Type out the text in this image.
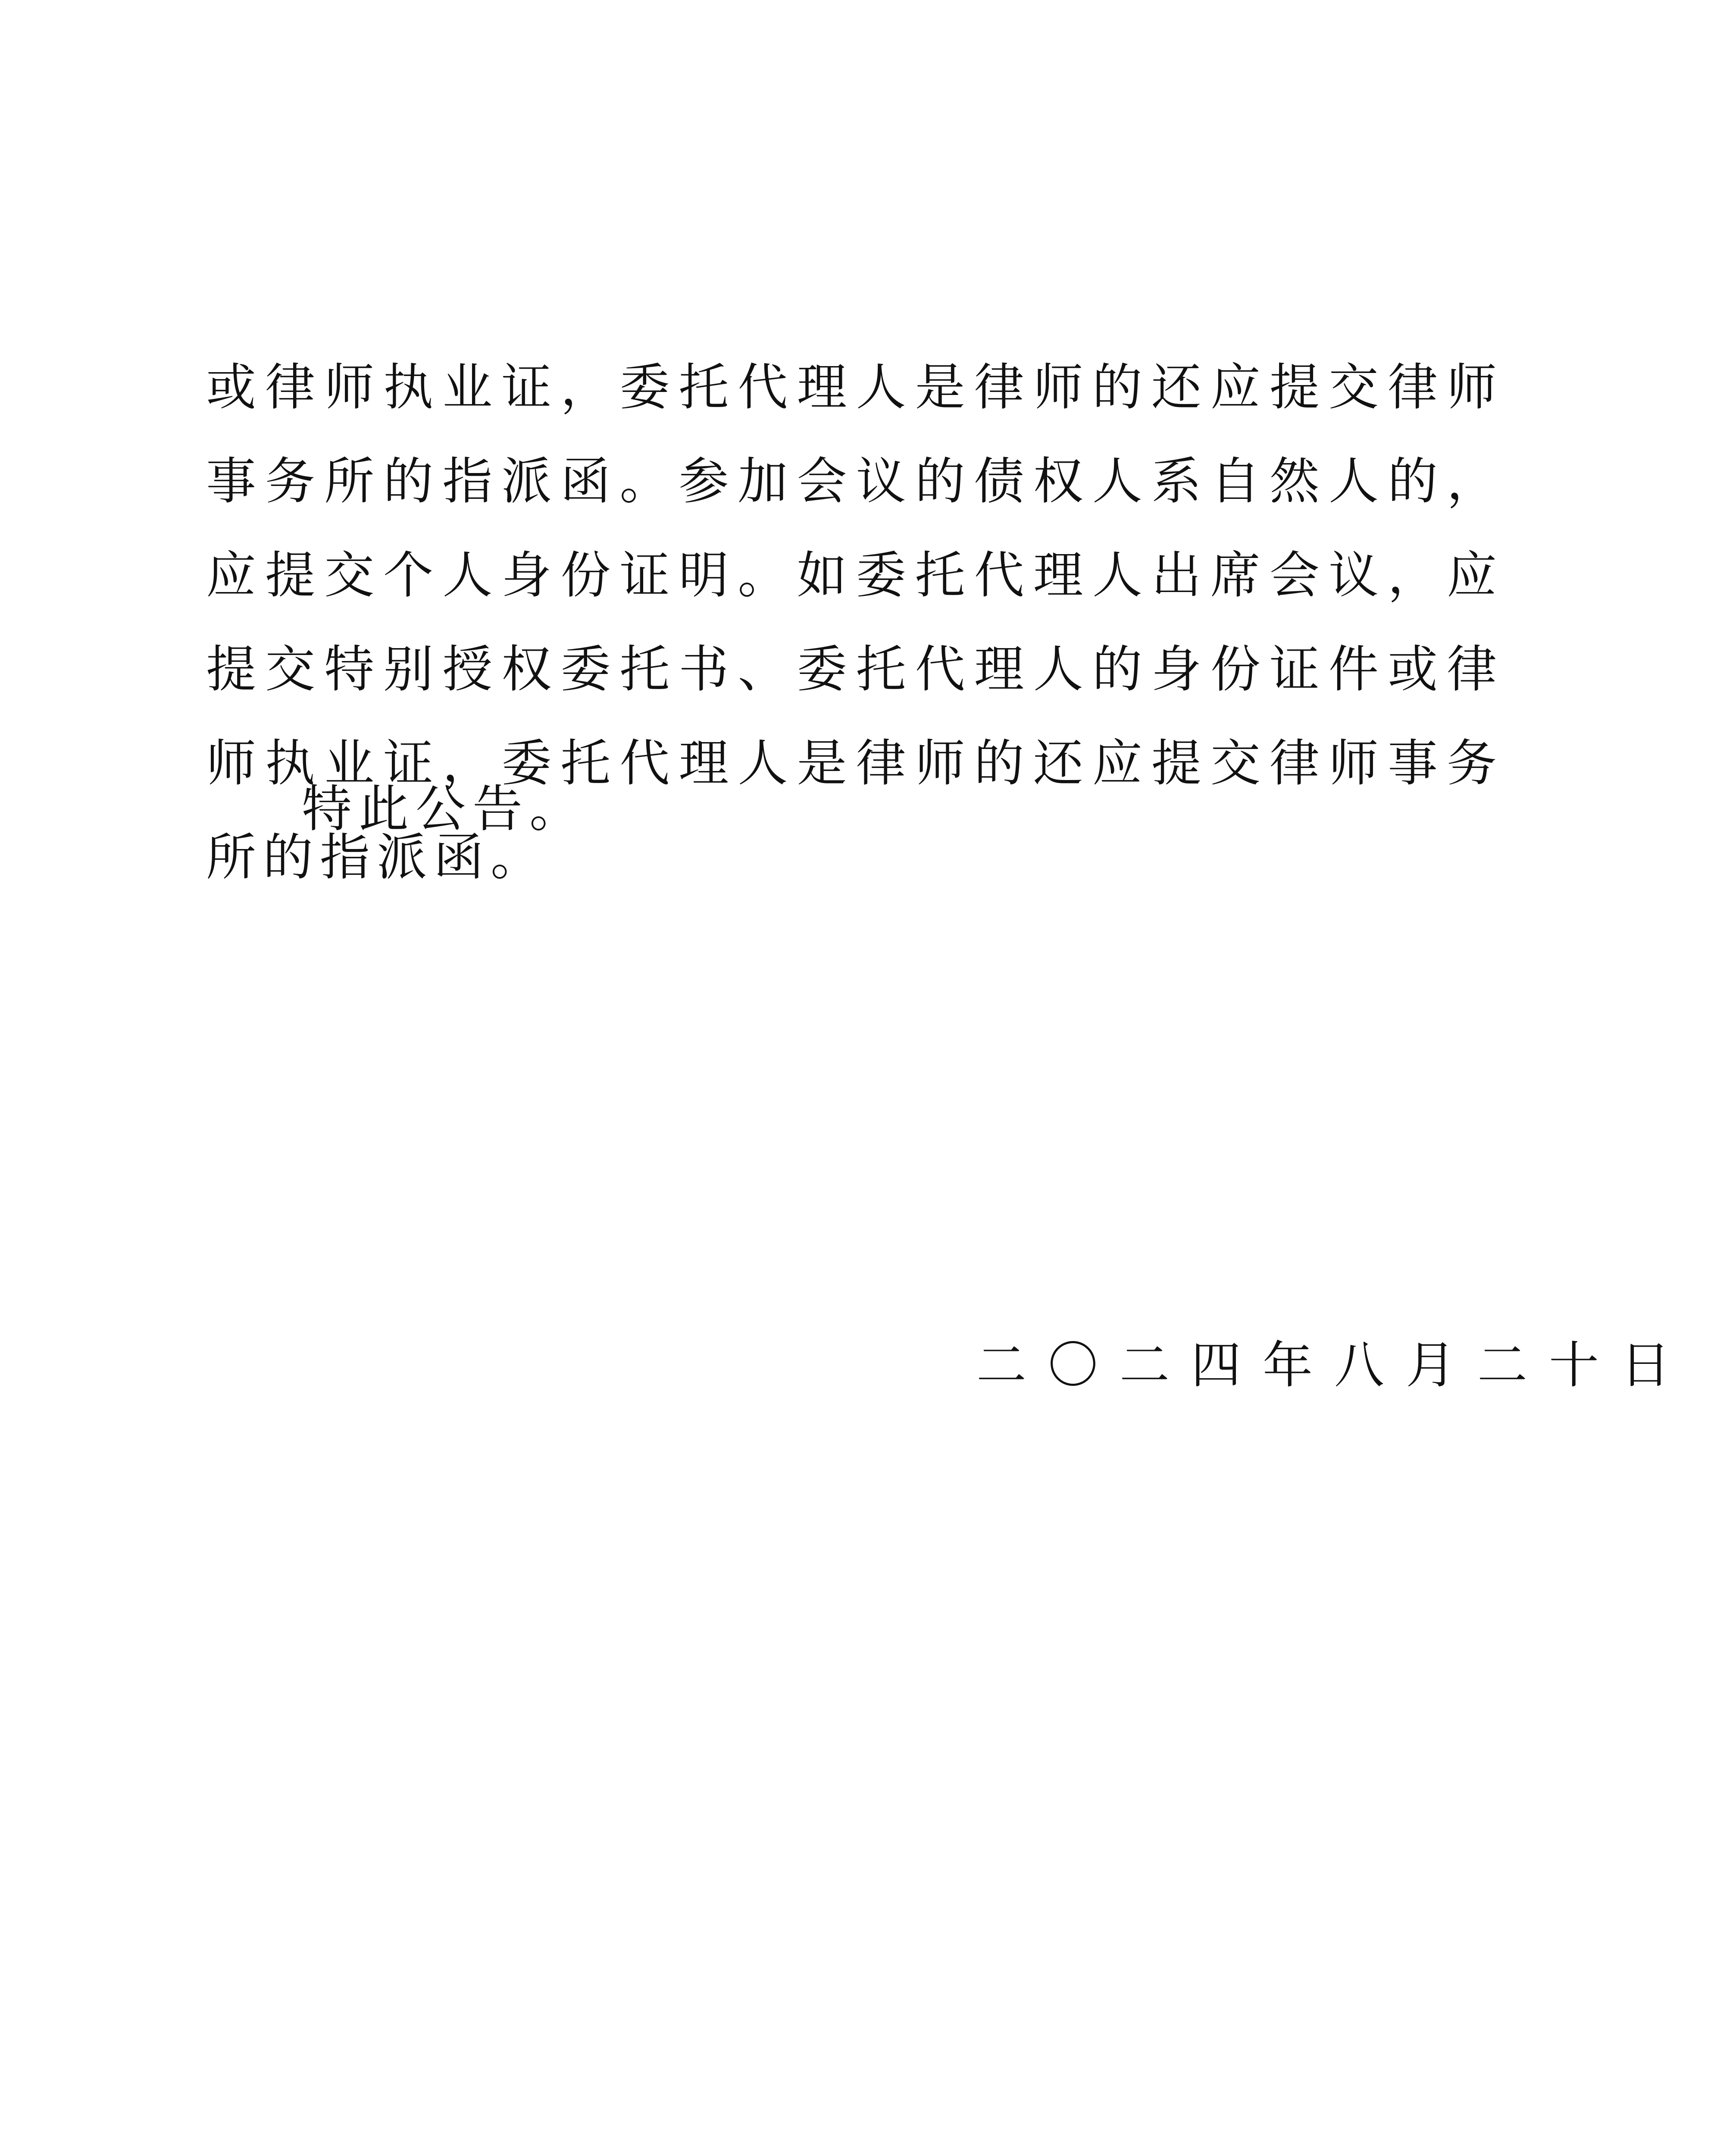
或律师执业证，委托代理人是律师的还应提交律师事务所的指派函。参加会议的债权人系自然人的，应提交个人身份证明。如委托代理人出席会议，应提交特别授权委托书、委托代理人的身份证件或律师执业证，委托代理人是律师的还应提交律师事务所的指派函。

特此公告。

二〇二四年八月二十日
